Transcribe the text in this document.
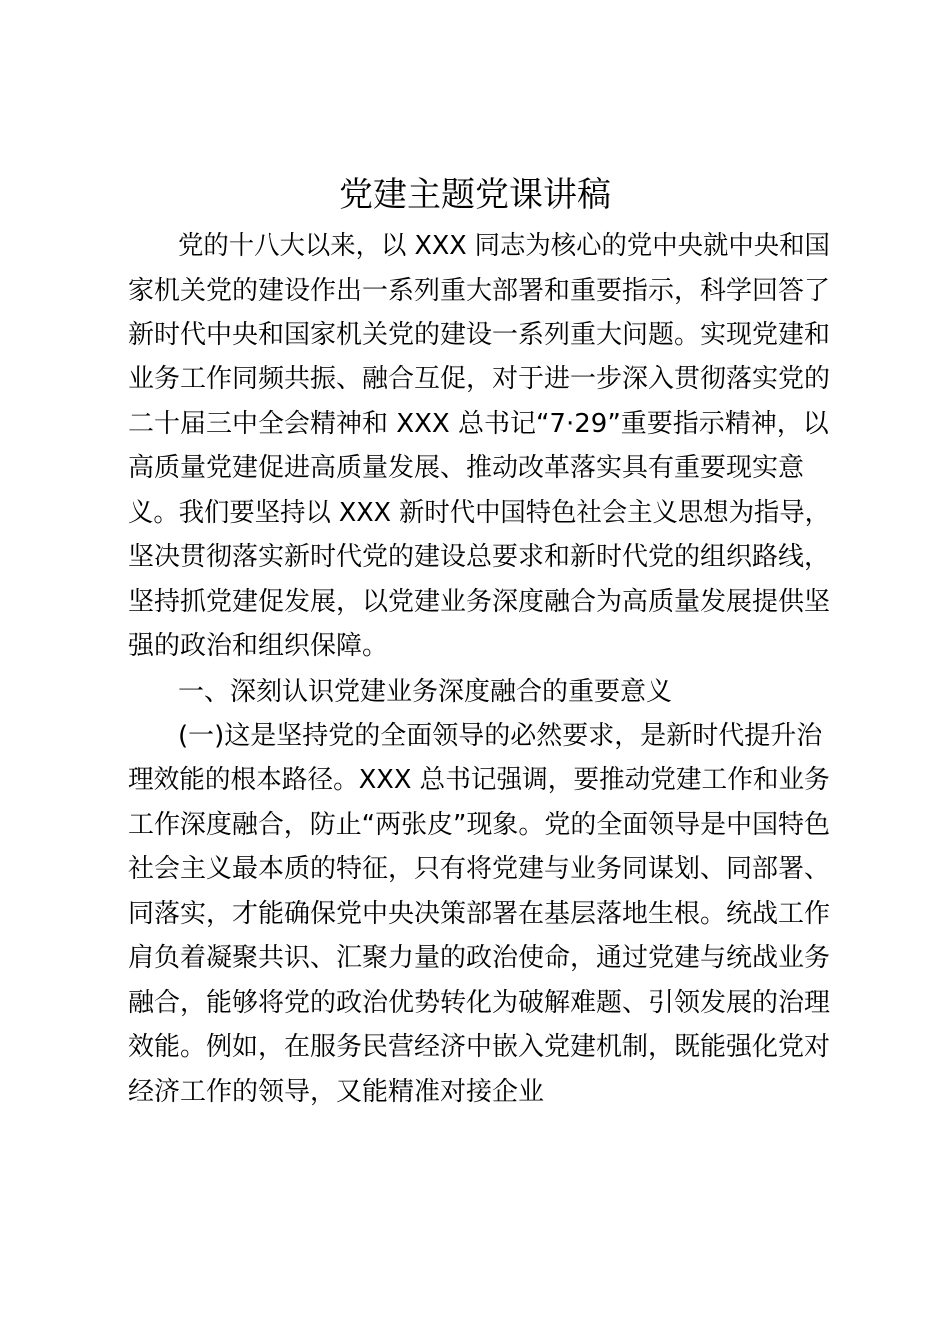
党建主题党课讲稿
党的十八大以来，以 XXX 同志为核心的党中央就中央和国
家机关党的建设作出一系列重大部署和重要指示，科学回答了
新时代中央和国家机关党的建设一系列重大问题。实现党建和
业务工作同频共振、融合互促，对于进一步深入贯彻落实党的
二十届三中全会精神和 XXX 总书记“7·29”重要指示精神，以
高质量党建促进高质量发展、推动改革落实具有重要现实意
义。我们要坚持以 XXX 新时代中国特色社会主义思想为指导，
坚决贯彻落实新时代党的建设总要求和新时代党的组织路线，
坚持抓党建促发展，以党建业务深度融合为高质量发展提供坚
强的政治和组织保障。
一、深刻认识党建业务深度融合的重要意义
(一)这是坚持党的全面领导的必然要求，是新时代提升治
理效能的根本路径。XXX 总书记强调，要推动党建工作和业务
工作深度融合，防止“两张皮”现象。党的全面领导是中国特色
社会主义最本质的特征，只有将党建与业务同谋划、同部署、
同落实，才能确保党中央决策部署在基层落地生根。统战工作
肩负着凝聚共识、汇聚力量的政治使命，通过党建与统战业务
融合，能够将党的政治优势转化为破解难题、引领发展的治理
效能。例如，在服务民营经济中嵌入党建机制，既能强化党对
经济工作的领导，又能精准对接企业
